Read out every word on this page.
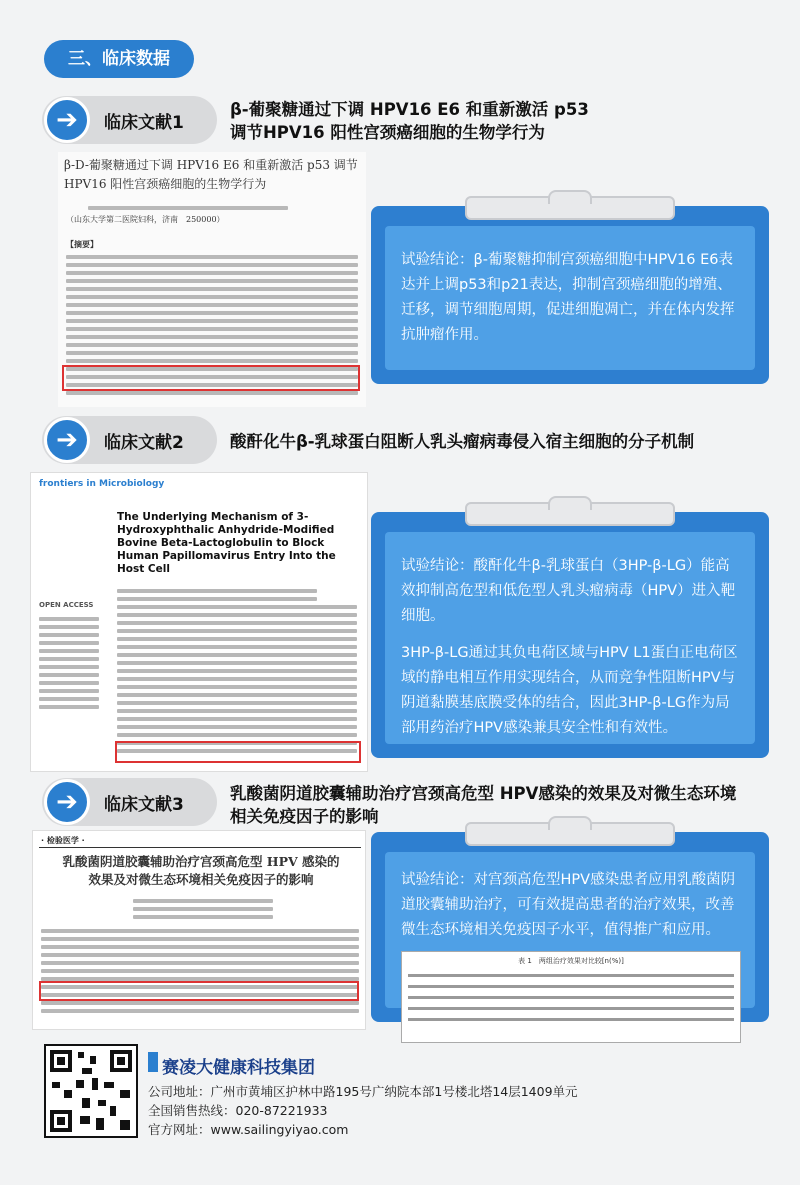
三、临床数据
➔ 临床文献1
β-葡聚糖通过下调 HPV16 E6 和重新激活 p53
调节HPV16 阳性宫颈癌细胞的生物学行为
β-D-葡聚糖通过下调 HPV16 E6 和重新激活 p53 调节
HPV16 阳性宫颈癌细胞的生物学行为
（山东大学第二医院妇科，济南　250000）
【摘要】

试验结论：β-葡聚糖抑制宫颈癌细胞中HPV16 E6表达并上调p53和p21表达，抑制宫颈癌细胞的增殖、迁移，调节细胞周期，促进细胞凋亡，并在体内发挥抗肿瘤作用。

➔ 临床文献2	酸酐化牛β-乳球蛋白阻断人乳头瘤病毒侵入宿主细胞的分子机制
frontiers in Microbiology
The Underlying Mechanism of 3-Hydroxyphthalic Anhydride-Modified Bovine Beta-Lactoglobulin to Block Human Papillomavirus Entry Into the Host Cell
OPEN ACCESS

试验结论：酸酐化牛β-乳球蛋白（3HP-β-LG）能高效抑制高危型和低危型人乳头瘤病毒（HPV）进入靶细胞。

3HP-β-LG通过其负电荷区域与HPV L1蛋白正电荷区域的静电相互作用实现结合，从而竞争性阻断HPV与阴道黏膜基底膜受体的结合，因此3HP-β-LG作为局部用药治疗HPV感染兼具安全性和有效性。

➔ 临床文献3
乳酸菌阴道胶囊辅助治疗宫颈高危型 HPV感染的效果及对微生态环境
相关免疫因子的影响
· 检验医学 ·
乳酸菌阴道胶囊辅助治疗宫颈高危型 HPV 感染的
效果及对微生态环境相关免疫因子的影响	试验结论：对宫颈高危型HPV感染患者应用乳酸菌阴道胶囊辅助治疗，可有效提高患者的治疗效果，改善微生态环境相关免疫因子水平，值得推广和应用。

表 1　两组治疗效果对比较[n(%)]
赛凌大健康科技集团
公司地址：广州市黄埔区护林中路195号广纳院本部1号楼北塔14层1409单元
全国销售热线：020-87221933
官方网址：www.sailingyiyao.com
